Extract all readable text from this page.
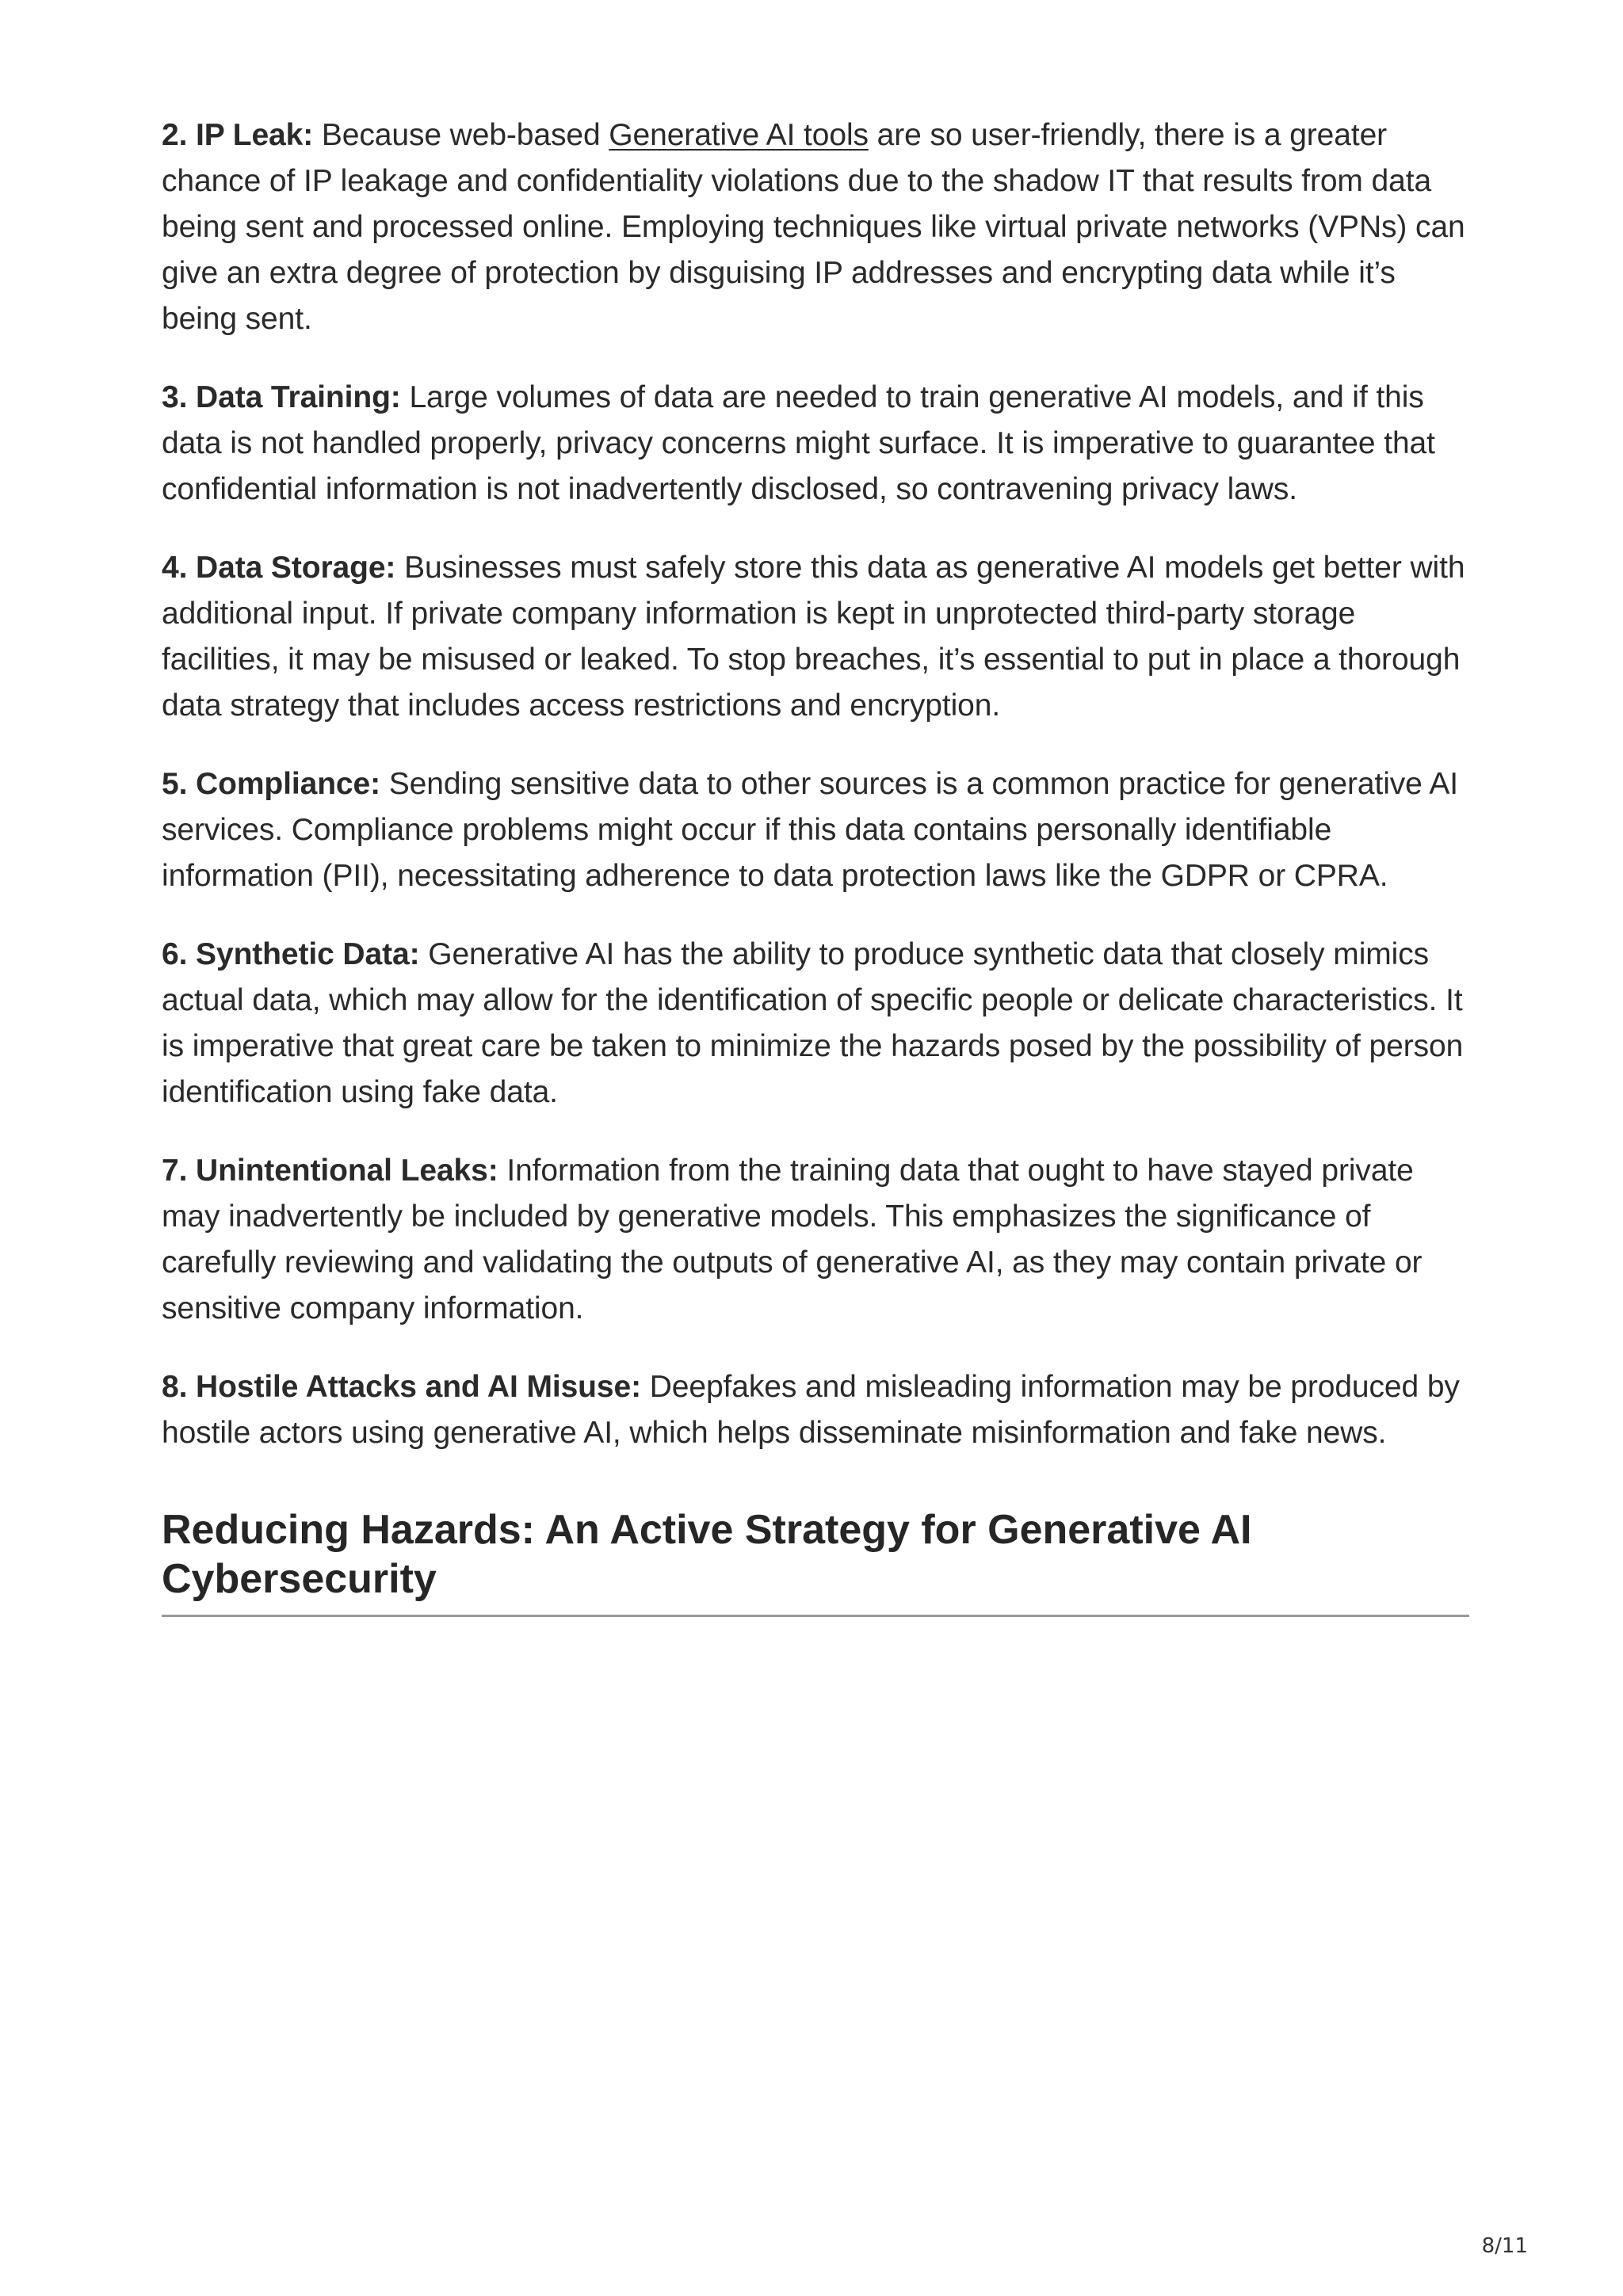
2. IP Leak: Because web-based Generative AI tools are so user-friendly, there is a greater chance of IP leakage and confidentiality violations due to the shadow IT that results from data being sent and processed online. Employing techniques like virtual private networks (VPNs) can give an extra degree of protection by disguising IP addresses and encrypting data while it’s being sent.

3. Data Training: Large volumes of data are needed to train generative AI models, and if this data is not handled properly, privacy concerns might surface. It is imperative to guarantee that confidential information is not inadvertently disclosed, so contravening privacy laws.

4. Data Storage: Businesses must safely store this data as generative AI models get better with additional input. If private company information is kept in unprotected third-party storage facilities, it may be misused or leaked. To stop breaches, it’s essential to put in place a thorough data strategy that includes access restrictions and encryption.

5. Compliance: Sending sensitive data to other sources is a common practice for generative AI services. Compliance problems might occur if this data contains personally identifiable information (PII), necessitating adherence to data protection laws like the GDPR or CPRA.

6. Synthetic Data: Generative AI has the ability to produce synthetic data that closely mimics actual data, which may allow for the identification of specific people or delicate characteristics. It is imperative that great care be taken to minimize the hazards posed by the possibility of person identification using fake data.

7. Unintentional Leaks: Information from the training data that ought to have stayed private may inadvertently be included by generative models. This emphasizes the significance of carefully reviewing and validating the outputs of generative AI, as they may contain private or sensitive company information.

8. Hostile Attacks and AI Misuse: Deepfakes and misleading information may be produced by hostile actors using generative AI, which helps disseminate misinformation and fake news.

Reducing Hazards: An Active Strategy for Generative AI Cybersecurity
8/11
